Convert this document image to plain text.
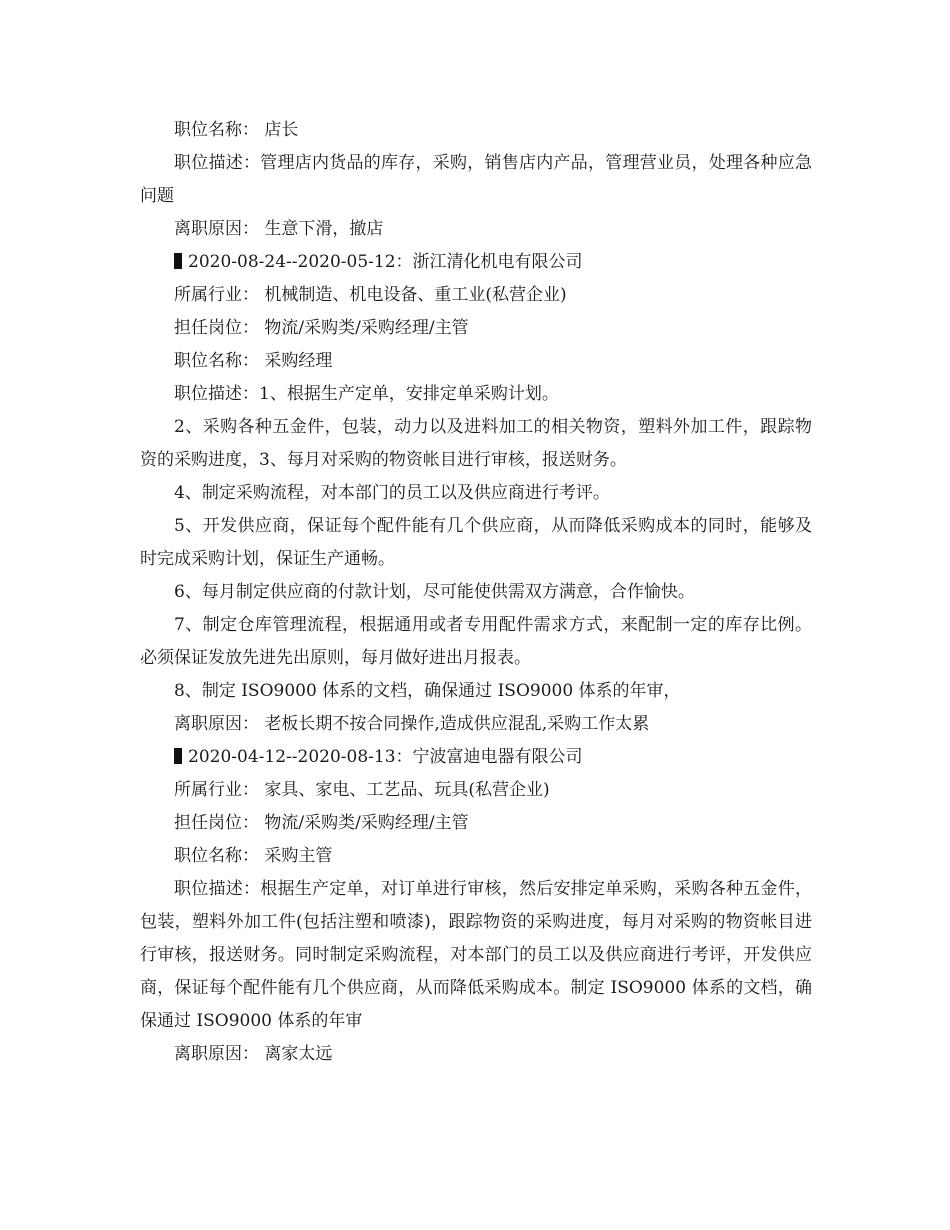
职位名称： 店长

职位描述：管理店内货品的库存，采购，销售店内产品，管理营业员，处理各种应急问题

离职原因： 生意下滑，撤店

2020-08-24--2020-05-12：浙江清化机电有限公司

所属行业： 机械制造、机电设备、重工业(私营企业)

担任岗位： 物流/采购类/采购经理/主管

职位名称： 采购经理

职位描述：1、根据生产定单，安排定单采购计划。

2、采购各种五金件，包装，动力以及进料加工的相关物资，塑料外加工件，跟踪物资的采购进度，3、每月对采购的物资帐目进行审核，报送财务。

4、制定采购流程，对本部门的员工以及供应商进行考评。

5、开发供应商，保证每个配件能有几个供应商，从而降低采购成本的同时，能够及时完成采购计划，保证生产通畅。

6、每月制定供应商的付款计划，尽可能使供需双方满意，合作愉快。

7、制定仓库管理流程，根据通用或者专用配件需求方式，来配制一定的库存比例。必须保证发放先进先出原则，每月做好进出月报表。

8、制定 ISO9000 体系的文档，确保通过 ISO9000 体系的年审，

离职原因： 老板长期不按合同操作,造成供应混乱,采购工作太累

2020-04-12--2020-08-13：宁波富迪电器有限公司

所属行业： 家具、家电、工艺品、玩具(私营企业)

担任岗位： 物流/采购类/采购经理/主管

职位名称： 采购主管

职位描述：根据生产定单，对订单进行审核，然后安排定单采购，采购各种五金件，包装，塑料外加工件(包括注塑和喷漆)，跟踪物资的采购进度，每月对采购的物资帐目进行审核，报送财务。同时制定采购流程，对本部门的员工以及供应商进行考评，开发供应商，保证每个配件能有几个供应商，从而降低采购成本。制定 ISO9000 体系的文档，确保通过 ISO9000 体系的年审

离职原因： 离家太远
